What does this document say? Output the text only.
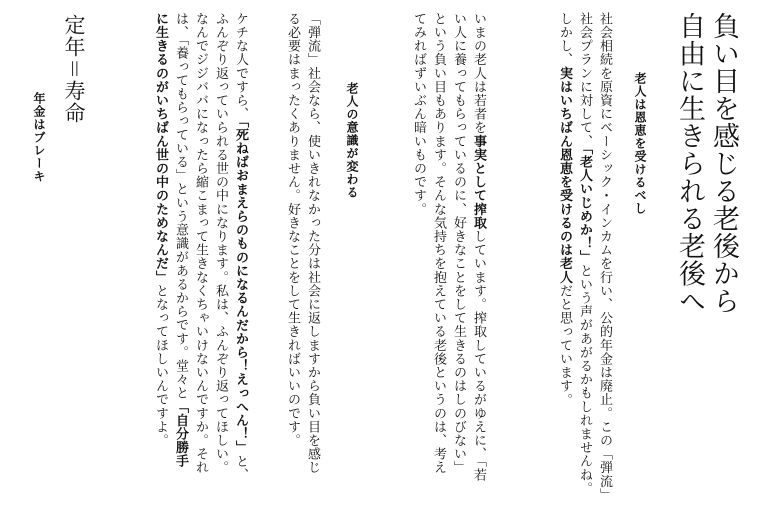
負い目を感じる老後から
自由に生きられる老後へ
老人は恩恵を受けるべし
社会相続を原資にベーシック・インカムを行い、公的年金は廃止。この「弾流」
社会プランに対して、「老人いじめか！」という声があがるかもしれませんね。
しかし、実はいちばん恩恵を受けるのは老人だと思っています。
いまの老人は若者を事実として搾取しています。搾取しているがゆえに、「若
い人に養ってもらっているのに、好きなことをして生きるのはしのびない」
という負い目もあります。そんな気持ちを抱えている老後というのは、考え
てみればずいぶん暗いものです。
老人の意識が変わる
「弾流」社会なら、使いきれなかった分は社会に返しますから負い目を感じ
る必要はまったくありません。好きなことをして生きればいいのです。
ケチな人ですら、「死ねばおまえらのものになるんだから！えっへん！」と、
ふんぞり返っていられる世の中になります。私は、ふんぞり返ってほしい。
なんでジジババになったら縮こまって生きなくちゃいけないんですか。それ
は、「養ってもらっている」という意識があるからです。堂々と「自分勝手
に生きるのがいちばん世の中のためなんだ」となってほしいんですよ。
定年＝寿命
年金はブレーキ
